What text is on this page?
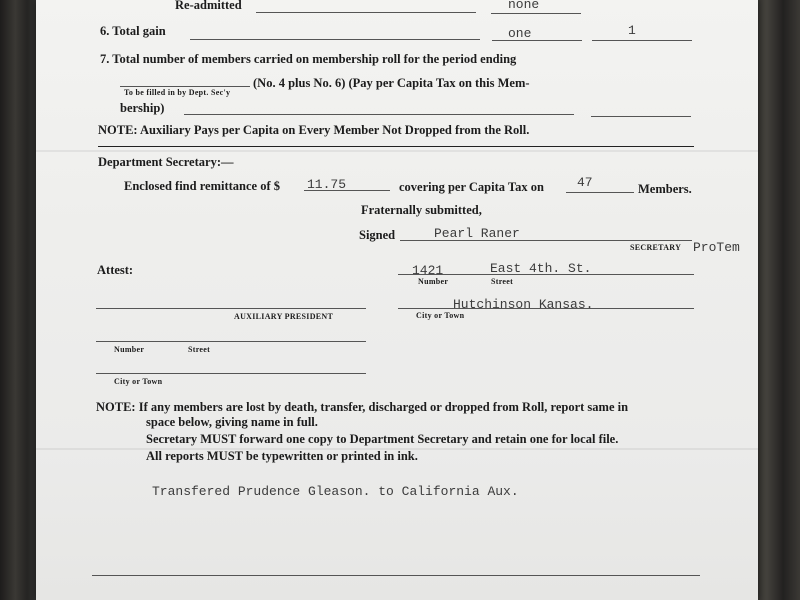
Re-admitted	none
6. Total gain	one	1
7. Total number of members carried on membership roll for the period ending
(No. 4 plus No. 6) (Pay per Capita Tax on this Mem-
To be filled in by Dept. Sec'y
bership)
NOTE: Auxiliary Pays per Capita on Every Member Not Dropped from the Roll.
Department Secretary:—
Enclosed find remittance of $ 11.75	covering per Capita Tax on	47	Members.
Fraternally submitted,
Signed	Pearl Raner
SECRETARY ProTem
Attest:	1421	East 4th. St.
Number	Street
Hutchinson Kansas.
City or Town
AUXILIARY PRESIDENT
Number	Street
City or Town
NOTE: If any members are lost by death, transfer, discharged or dropped from Roll, report same in
space below, giving name in full.
Secretary MUST forward one copy to Department Secretary and retain one for local file.
All reports MUST be typewritten or printed in ink.
Transfered Prudence Gleason. to California Aux.
